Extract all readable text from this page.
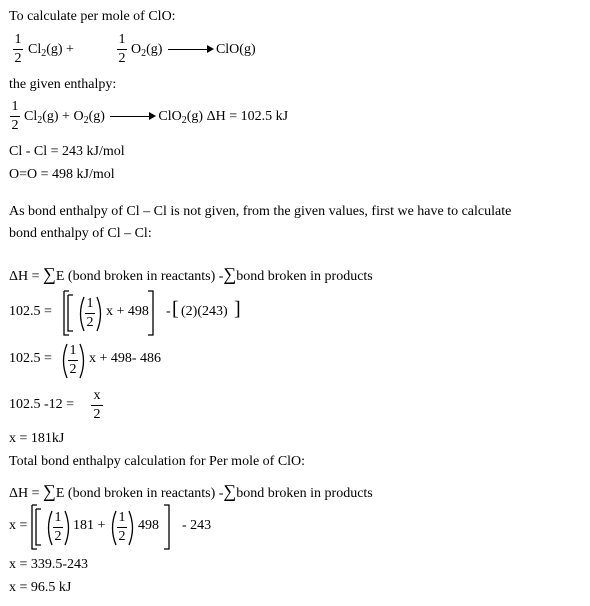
To calculate per mole of ClO:
1
2
$Cl_2(g)$ +
1
2
$O_2(g)$	ClO(g)
the given enthalpy:
1
2
$Cl_2(g) + O_2(g)$	ClO$_2$(g) ΔH = 102.5 kJ
Cl - Cl = 243 kJ/mol
O=O = 498 kJ/mol
As bond enthalpy of Cl – Cl is not given, from the given values, first we have to calculate
bond enthalpy of Cl – Cl:
ΔH = ∑E (bond broken in reactants) -∑bond broken in products
102.5 =
1
2
x + 498 - [ (2)(243) ]
102.5 =
1
2
x + 498- 486
102.5 -12 =
x
2
x = 181kJ
Total bond enthalpy calculation for Per mole of ClO:
ΔH = ∑E (bond broken in reactants) -∑bond broken in products
x =
1
2
181 +
1
2
498 - 243
x = 339.5-243
x = 96.5 kJ
